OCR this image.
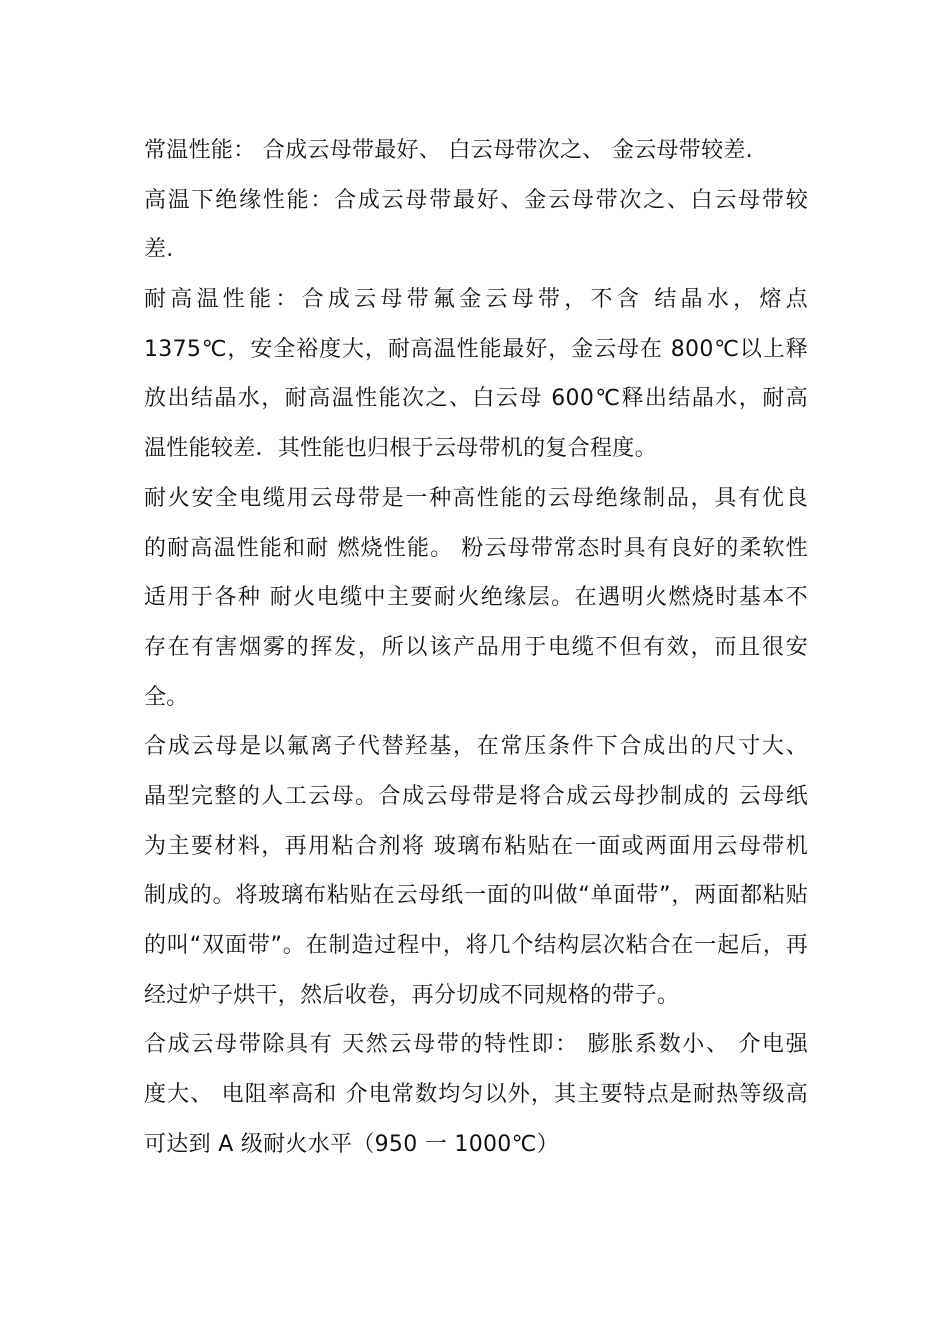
常温性能： 合成云母带最好、 白云母带次之、 金云母带较差.
高温下绝缘性能：合成云母带最好、金云母带次之、白云母带较
差.
耐高温性能：合成云母带氟金云母带，不含 结晶水，熔点
1375℃，安全裕度大，耐高温性能最好，金云母在 800℃以上释
放出结晶水，耐高温性能次之、白云母 600℃释出结晶水，耐高
温性能较差．其性能也归根于云母带机的复合程度。
耐火安全电缆用云母带是一种高性能的云母绝缘制品，具有优良
的耐高温性能和耐 燃烧性能。 粉云母带常态时具有良好的柔软性
适用于各种 耐火电缆中主要耐火绝缘层。在遇明火燃烧时基本不
存在有害烟雾的挥发，所以该产品用于电缆不但有效，而且很安
全。
合成云母是以氟离子代替羟基，在常压条件下合成出的尺寸大、
晶型完整的人工云母。合成云母带是将合成云母抄制成的 云母纸
为主要材料，再用粘合剂将 玻璃布粘贴在一面或两面用云母带机
制成的。将玻璃布粘贴在云母纸一面的叫做“单面带”，两面都粘贴
的叫“双面带”。在制造过程中，将几个结构层次粘合在一起后，再
经过炉子烘干，然后收卷，再分切成不同规格的带子。
合成云母带除具有 天然云母带的特性即： 膨胀系数小、 介电强
度大、 电阻率高和 介电常数均匀以外，其主要特点是耐热等级高
可达到 A 级耐火水平（950 一 1000℃）
